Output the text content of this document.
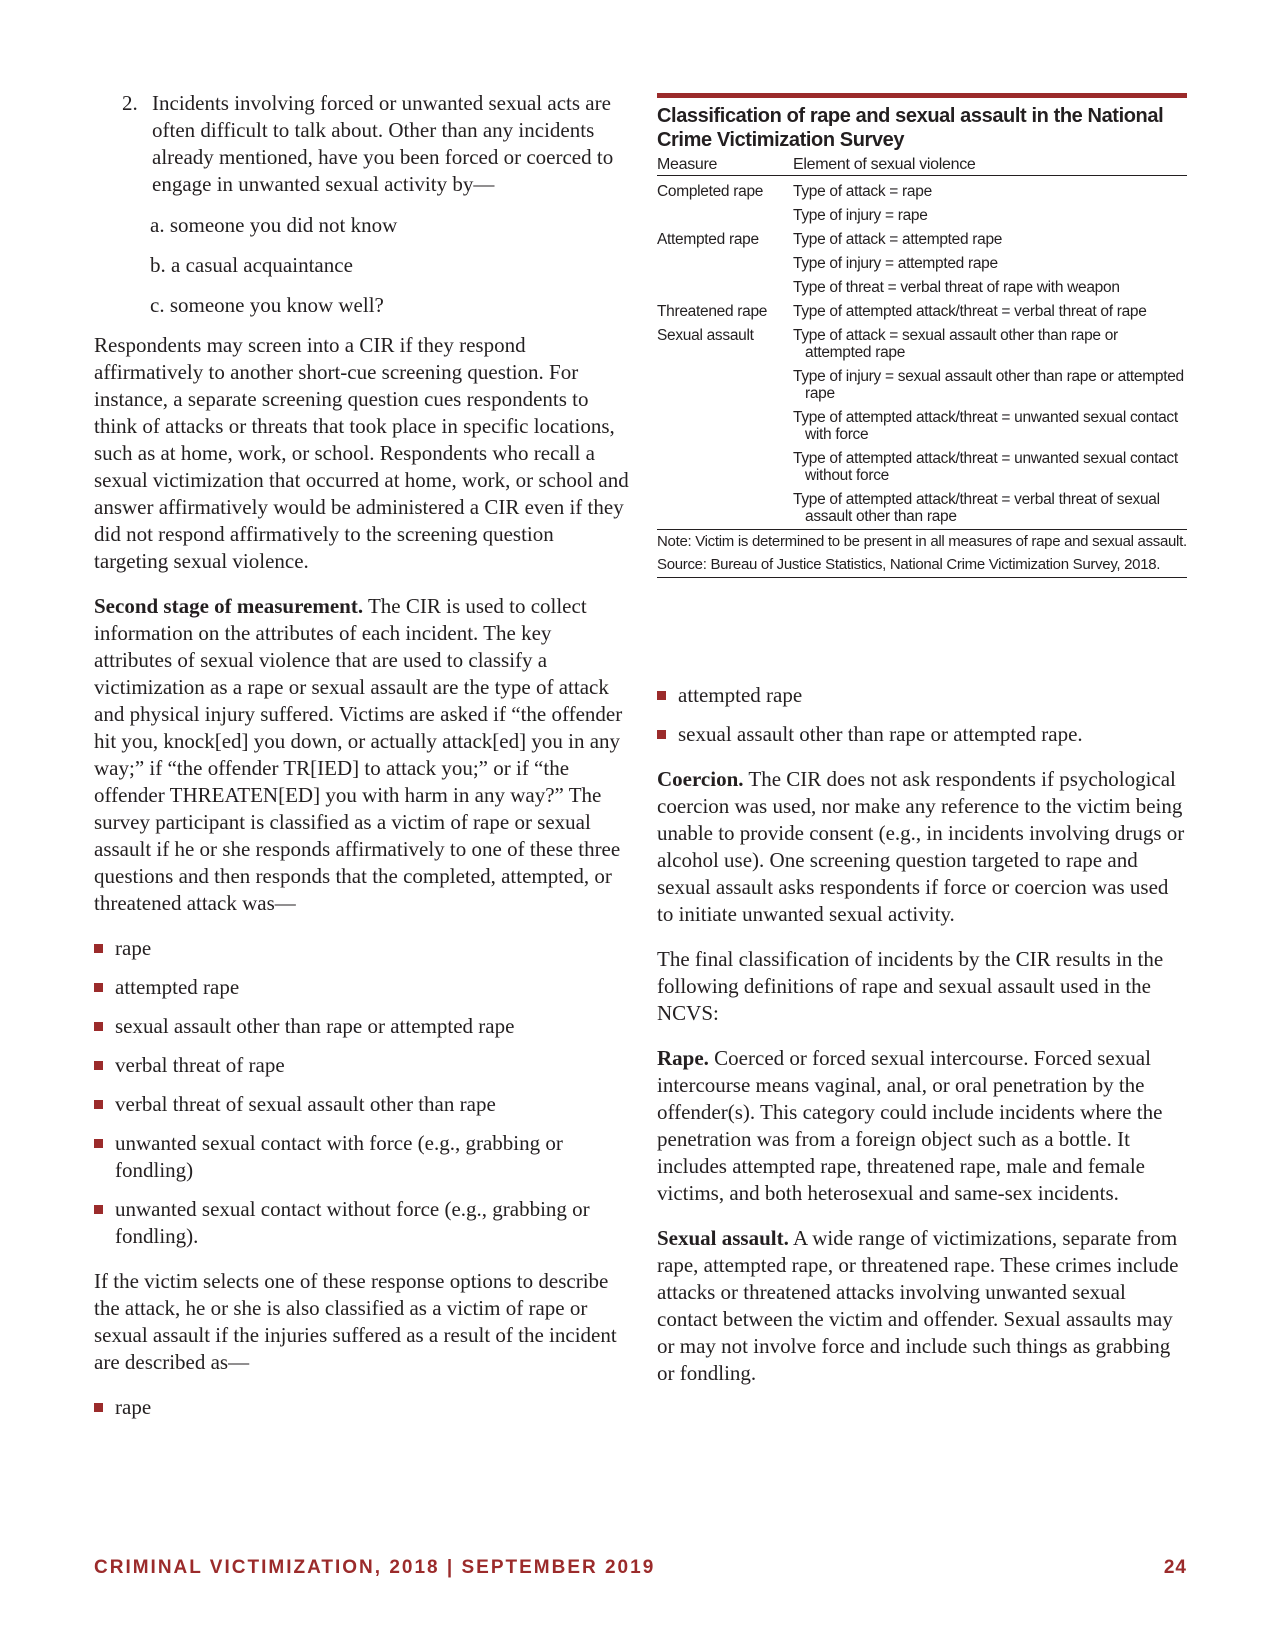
2. Incidents involving forced or unwanted sexual acts are often difficult to talk about. Other than any incidents already mentioned, have you been forced or coerced to engage in unwanted sexual activity by—

a. someone you did not know

b. a casual acquaintance

c. someone you know well?

Respondents may screen into a CIR if they respond affirmatively to another short-cue screening question. For instance, a separate screening question cues respondents to think of attacks or threats that took place in specific locations, such as at home, work, or school. Respondents who recall a sexual victimization that occurred at home, work, or school and answer affirmatively would be administered a CIR even if they did not respond affirmatively to the screening question targeting sexual violence.

Second stage of measurement. The CIR is used to collect information on the attributes of each incident. The key attributes of sexual violence that are used to classify a victimization as a rape or sexual assault are the type of attack and physical injury suffered. Victims are asked if “the offender hit you, knock[ed] you down, or actually attack[ed] you in any way;” if “the offender TR[IED] to attack you;” or if “the offender THREATEN[ED] you with harm in any way?” The survey participant is classified as a victim of rape or sexual assault if he or she responds affirmatively to one of these three questions and then responds that the completed, attempted, or threatened attack was—

rape
attempted rape
sexual assault other than rape or attempted rape
verbal threat of rape
verbal threat of sexual assault other than rape
unwanted sexual contact with force (e.g., grabbing or fondling)
unwanted sexual contact without force (e.g., grabbing or fondling).

If the victim selects one of these response options to describe the attack, he or she is also classified as a victim of rape or sexual assault if the injuries suffered as a result of the incident are described as—

rape
Classification of rape and sexual assault in the National Crime Victimization Survey
Measure	Element of sexual violence
Completed rape	Type of attack = rape
Type of injury = rape
Attempted rape	Type of attack = attempted rape
Type of injury = attempted rape
Type of threat = verbal threat of rape with weapon
Threatened rape	Type of attempted attack/threat = verbal threat of rape
Sexual assault	Type of attack = sexual assault other than rape or attempted rape
Type of injury = sexual assault other than rape or attempted rape
Type of attempted attack/threat = unwanted sexual contact with force
Type of attempted attack/threat = unwanted sexual contact without force
Type of attempted attack/threat = verbal threat of sexual assault other than rape
Note: Victim is determined to be present in all measures of rape and sexual assault.
Source: Bureau of Justice Statistics, National Crime Victimization Survey, 2018.
attempted rape
sexual assault other than rape or attempted rape.

Coercion. The CIR does not ask respondents if psychological coercion was used, nor make any reference to the victim being unable to provide consent (e.g., in incidents involving drugs or alcohol use). One screening question targeted to rape and sexual assault asks respondents if force or coercion was used to initiate unwanted sexual activity.

The final classification of incidents by the CIR results in the following definitions of rape and sexual assault used in the NCVS:

Rape. Coerced or forced sexual intercourse. Forced sexual intercourse means vaginal, anal, or oral penetration by the offender(s). This category could include incidents where the penetration was from a foreign object such as a bottle. It includes attempted rape, threatened rape, male and female victims, and both heterosexual and same-sex incidents.

Sexual assault. A wide range of victimizations, separate from rape, attempted rape, or threatened rape. These crimes include attacks or threatened attacks involving unwanted sexual contact between the victim and offender. Sexual assaults may or may not involve force and include such things as grabbing or fondling.

CRIMINAL VICTIMIZATION, 2018 | SEPTEMBER 2019	24
